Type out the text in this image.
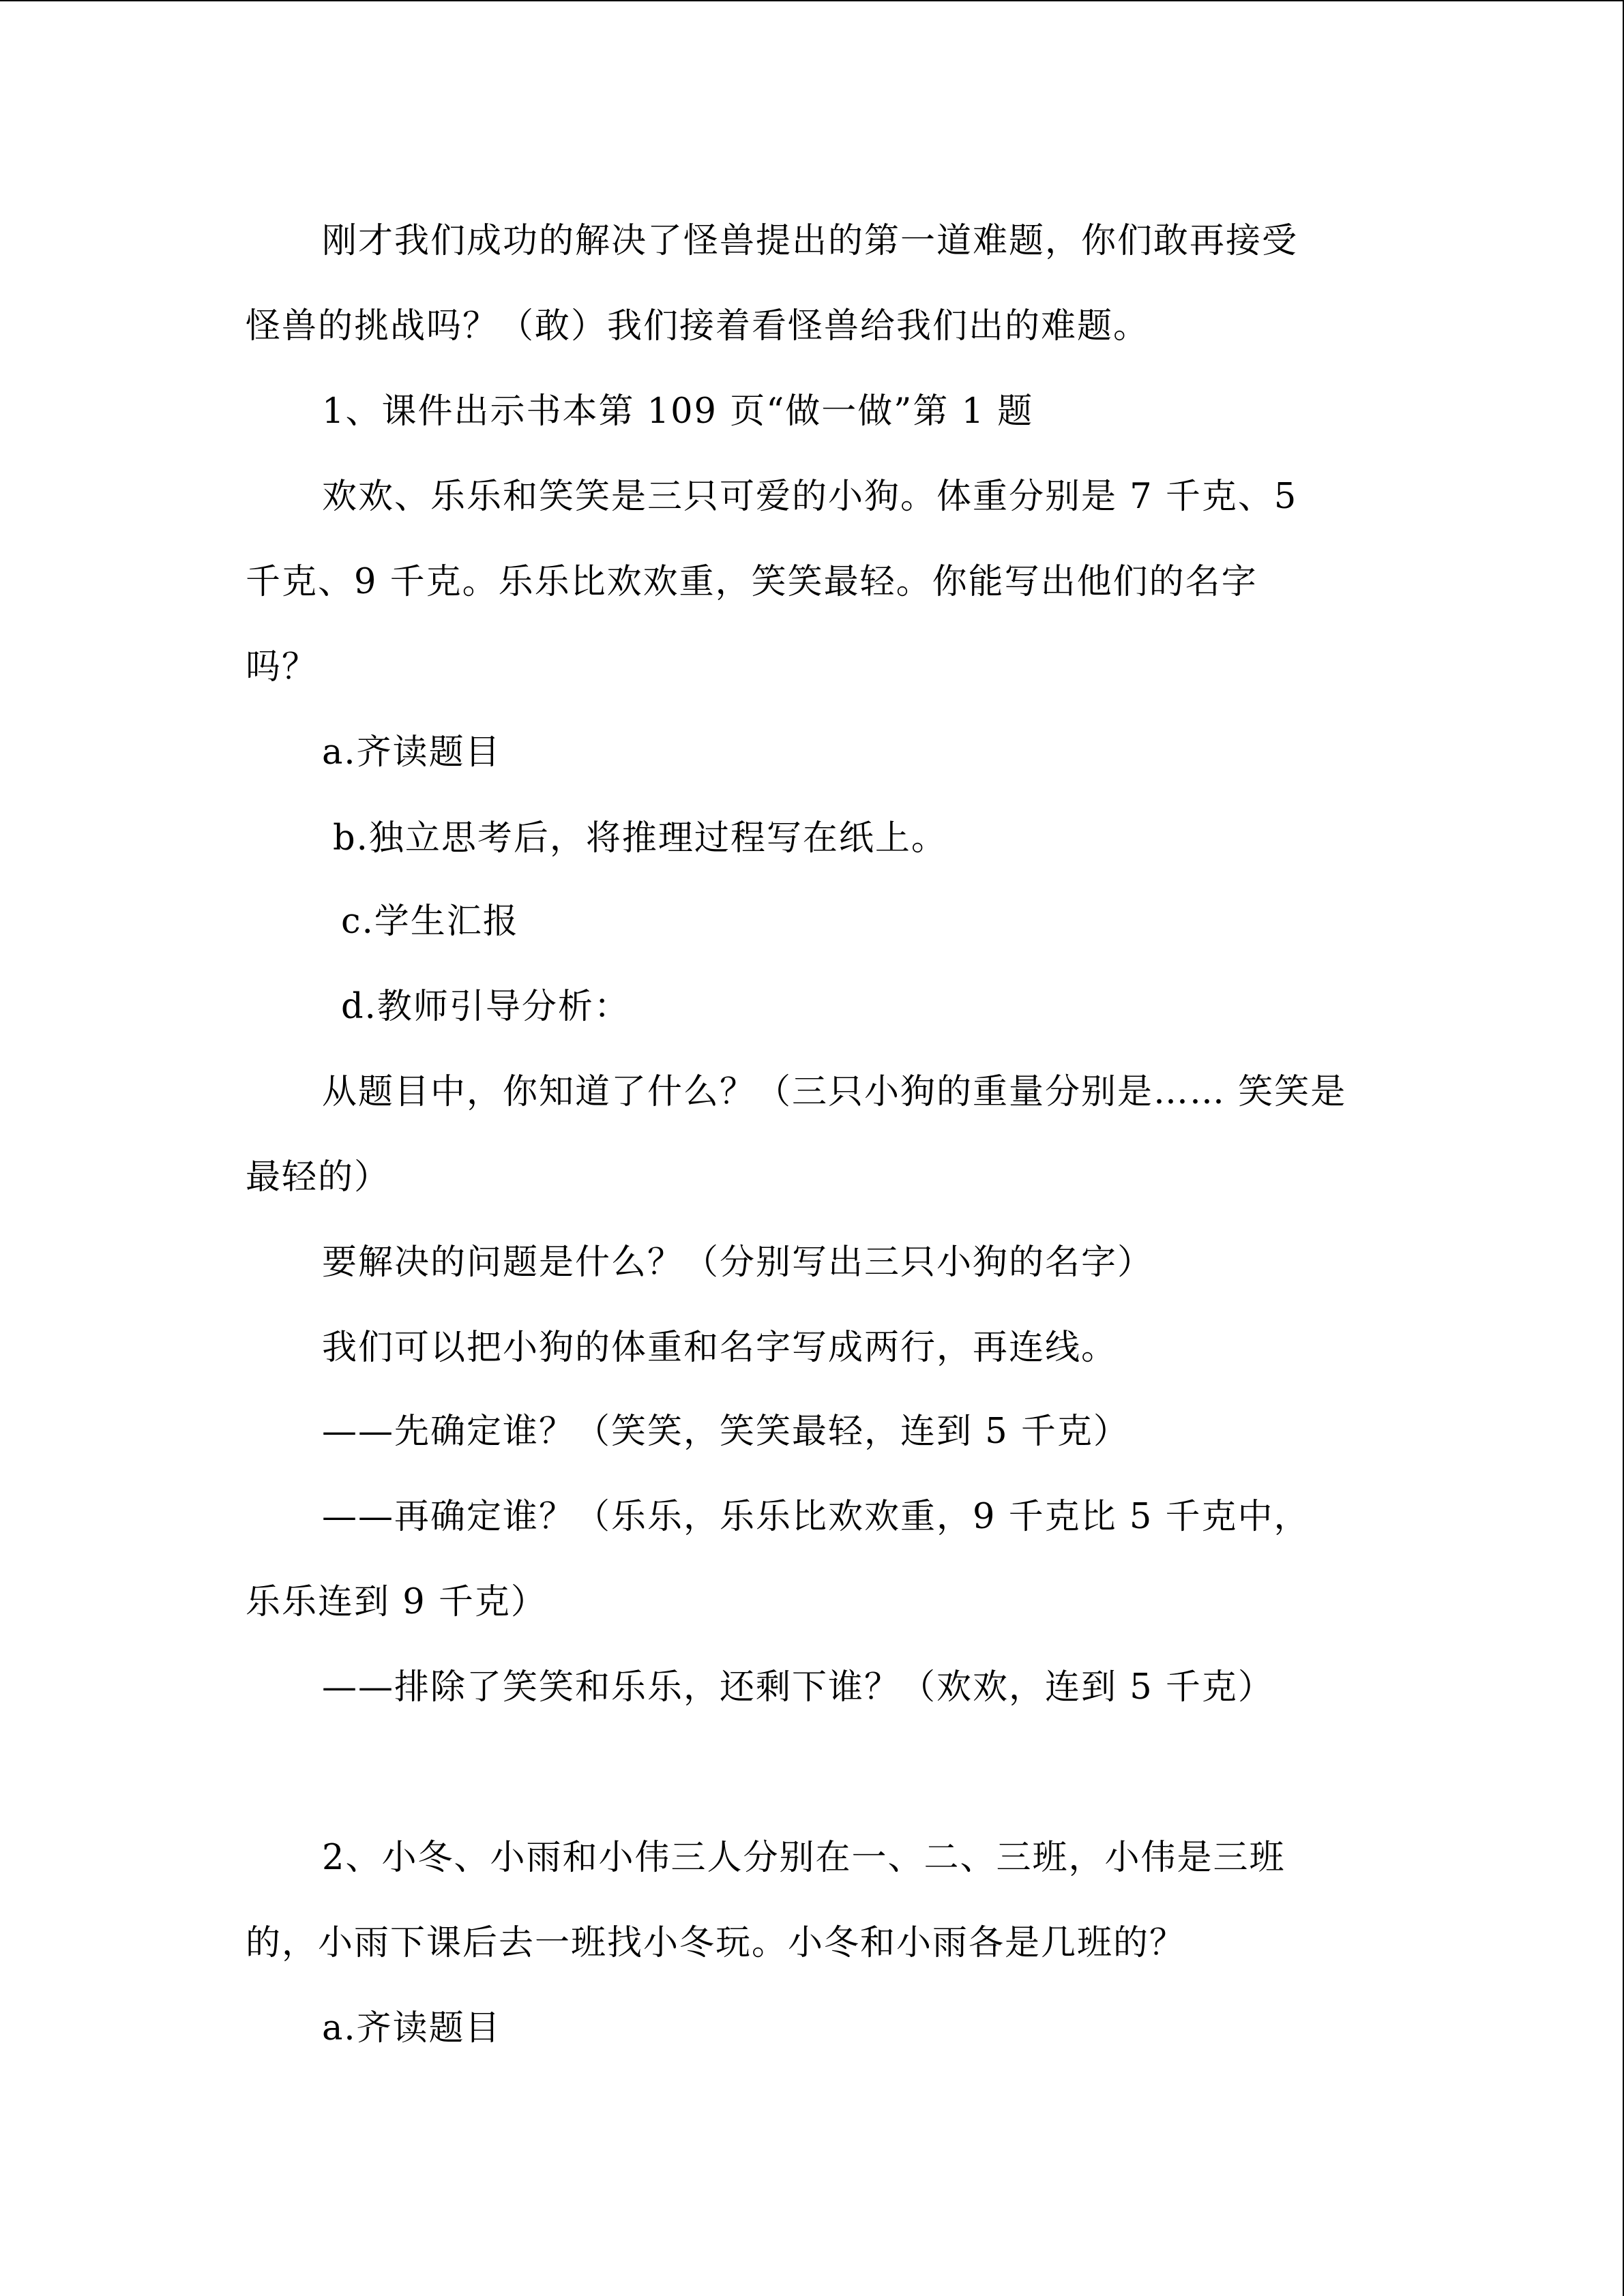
刚才我们成功的解决了怪兽提出的第一道难题，你们敢再接受

怪兽的挑战吗？（敢）我们接着看怪兽给我们出的难题。

1、课件出示书本第 109 页“做一做”第 1 题

欢欢、乐乐和笑笑是三只可爱的小狗。体重分别是 7 千克、5

千克、9 千克。乐乐比欢欢重，笑笑最轻。你能写出他们的名字

吗？

a.齐读题目

b.独立思考后，将推理过程写在纸上。

c.学生汇报

d.教师引导分析：

从题目中，你知道了什么？（三只小狗的重量分别是…… 笑笑是

最轻的）

要解决的问题是什么？（分别写出三只小狗的名字）

我们可以把小狗的体重和名字写成两行，再连线。

——先确定谁？（笑笑，笑笑最轻，连到 5 千克）

——再确定谁？（乐乐，乐乐比欢欢重，9 千克比 5 千克中，

乐乐连到 9 千克）

——排除了笑笑和乐乐，还剩下谁？（欢欢，连到 5 千克）

2、小冬、小雨和小伟三人分别在一、二、三班，小伟是三班

的，小雨下课后去一班找小冬玩。小冬和小雨各是几班的？

a.齐读题目
